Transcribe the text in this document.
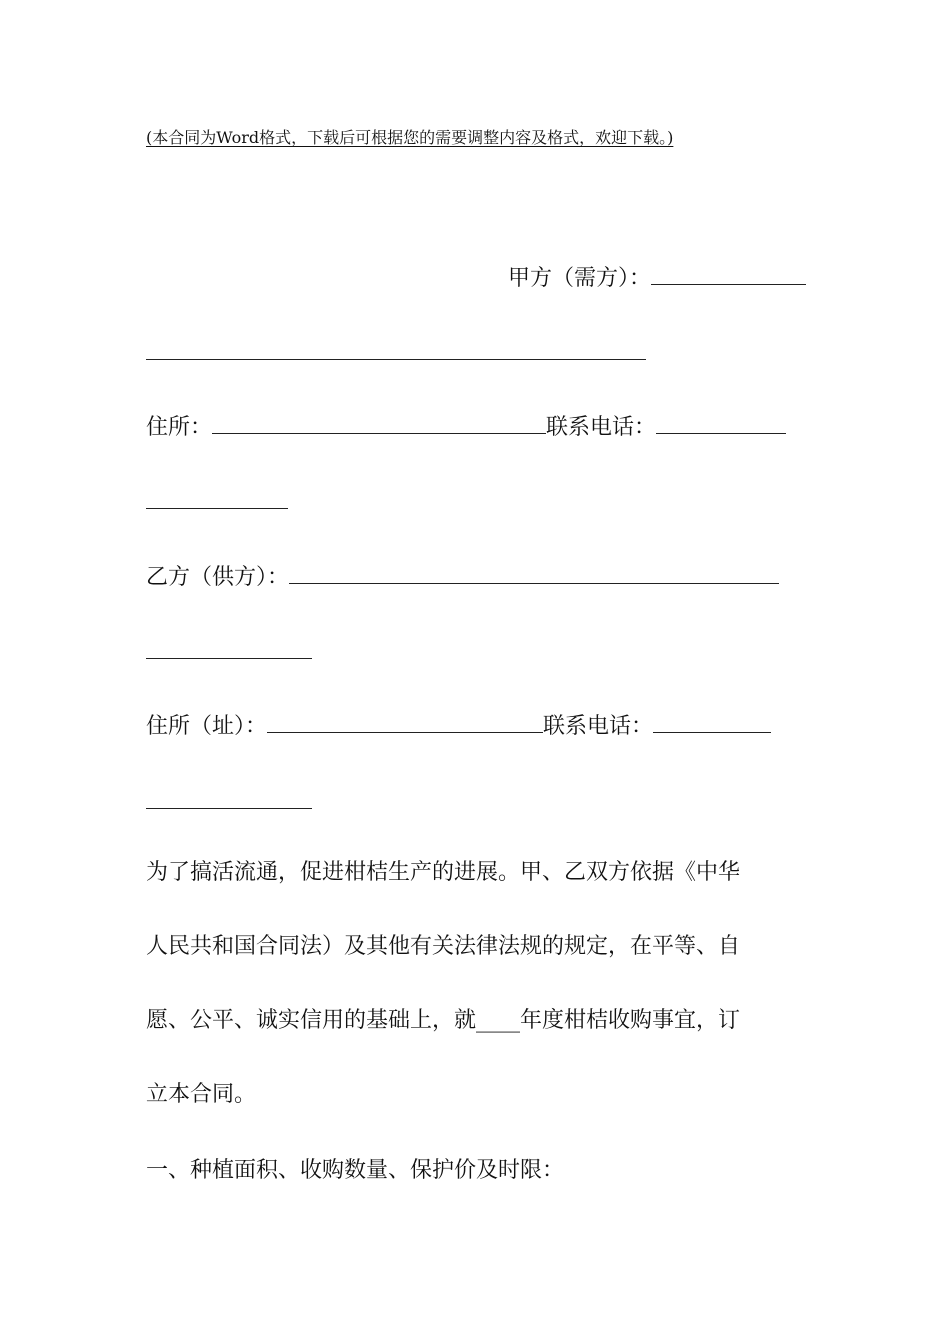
(本合同为Word格式，下载后可根据您的需要调整内容及格式，欢迎下载。)
甲方（需方）：
住所：	联系电话：
乙方（供方）：
住所（址）：	联系电话：
为了搞活流通，促进柑桔生产的进展。甲、乙双方依据《中华
人民共和国合同法）及其他有关法律法规的规定，在平等、自
愿、公平、诚实信用的基础上，就____年度柑桔收购事宜，订
立本合同。
一、种植面积、收购数量、保护价及时限：
